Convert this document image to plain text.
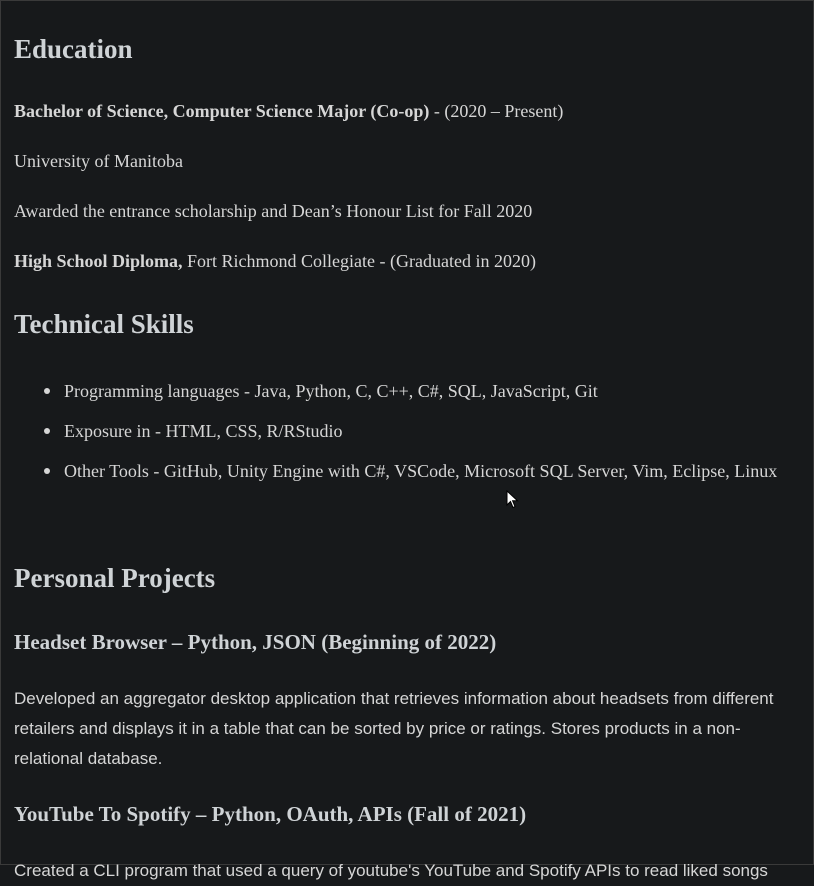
Education

Bachelor of Science, Computer Science Major (Co-op) - (2020 – Present)

University of Manitoba

Awarded the entrance scholarship and Dean’s Honour List for Fall 2020

High School Diploma, Fort Richmond Collegiate - (Graduated in 2020)

Technical Skills
Programming languages - Java, Python, C, C++, C#, SQL, JavaScript, Git
Exposure in - HTML, CSS, R/RStudio
Other Tools - GitHub, Unity Engine with C#, VSCode, Microsoft SQL Server, Vim, Eclipse, Linux
Personal Projects
Headset Browser – Python, JSON (Beginning of 2022)

Developed an aggregator desktop application that retrieves information about headsets from different retailers and displays it in a table that can be sorted by price or ratings. Stores products in a non-relational database.

YouTube To Spotify – Python, OAuth, APIs (Fall of 2021)

Created a CLI program that used a query of youtube's YouTube and Spotify APIs to read liked songs
